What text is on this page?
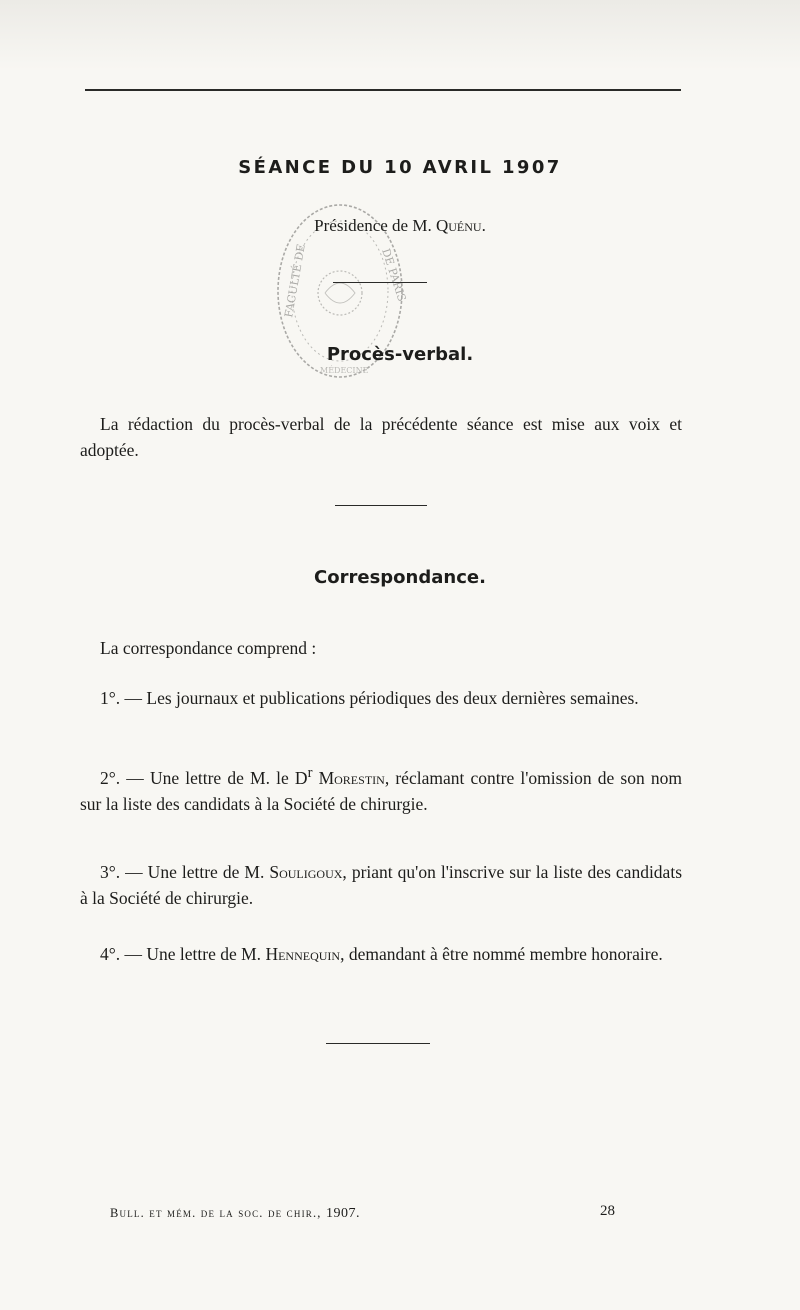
SÉANCE DU 10 AVRIL 1907
FACULTÉ DE	DE PARIS
MÉDECINE
Présidence de M. Quénu.
Procès-verbal.

La rédaction du procès-verbal de la précédente séance est mise aux voix et adoptée.

Correspondance.

La correspondance comprend :

1°. — Les journaux et publications périodiques des deux dernières semaines.

2°. — Une lettre de M. le $D^r$ Morestin, réclamant contre l'omission de son nom sur la liste des candidats à la Société de chirurgie.

3°. — Une lettre de M. Souligoux, priant qu'on l'inscrive sur la liste des candidats à la Société de chirurgie.

4°. — Une lettre de M. Hennequin, demandant à être nommé membre honoraire.

Bull. et mém. de la soc. de chir., 1907.	28
